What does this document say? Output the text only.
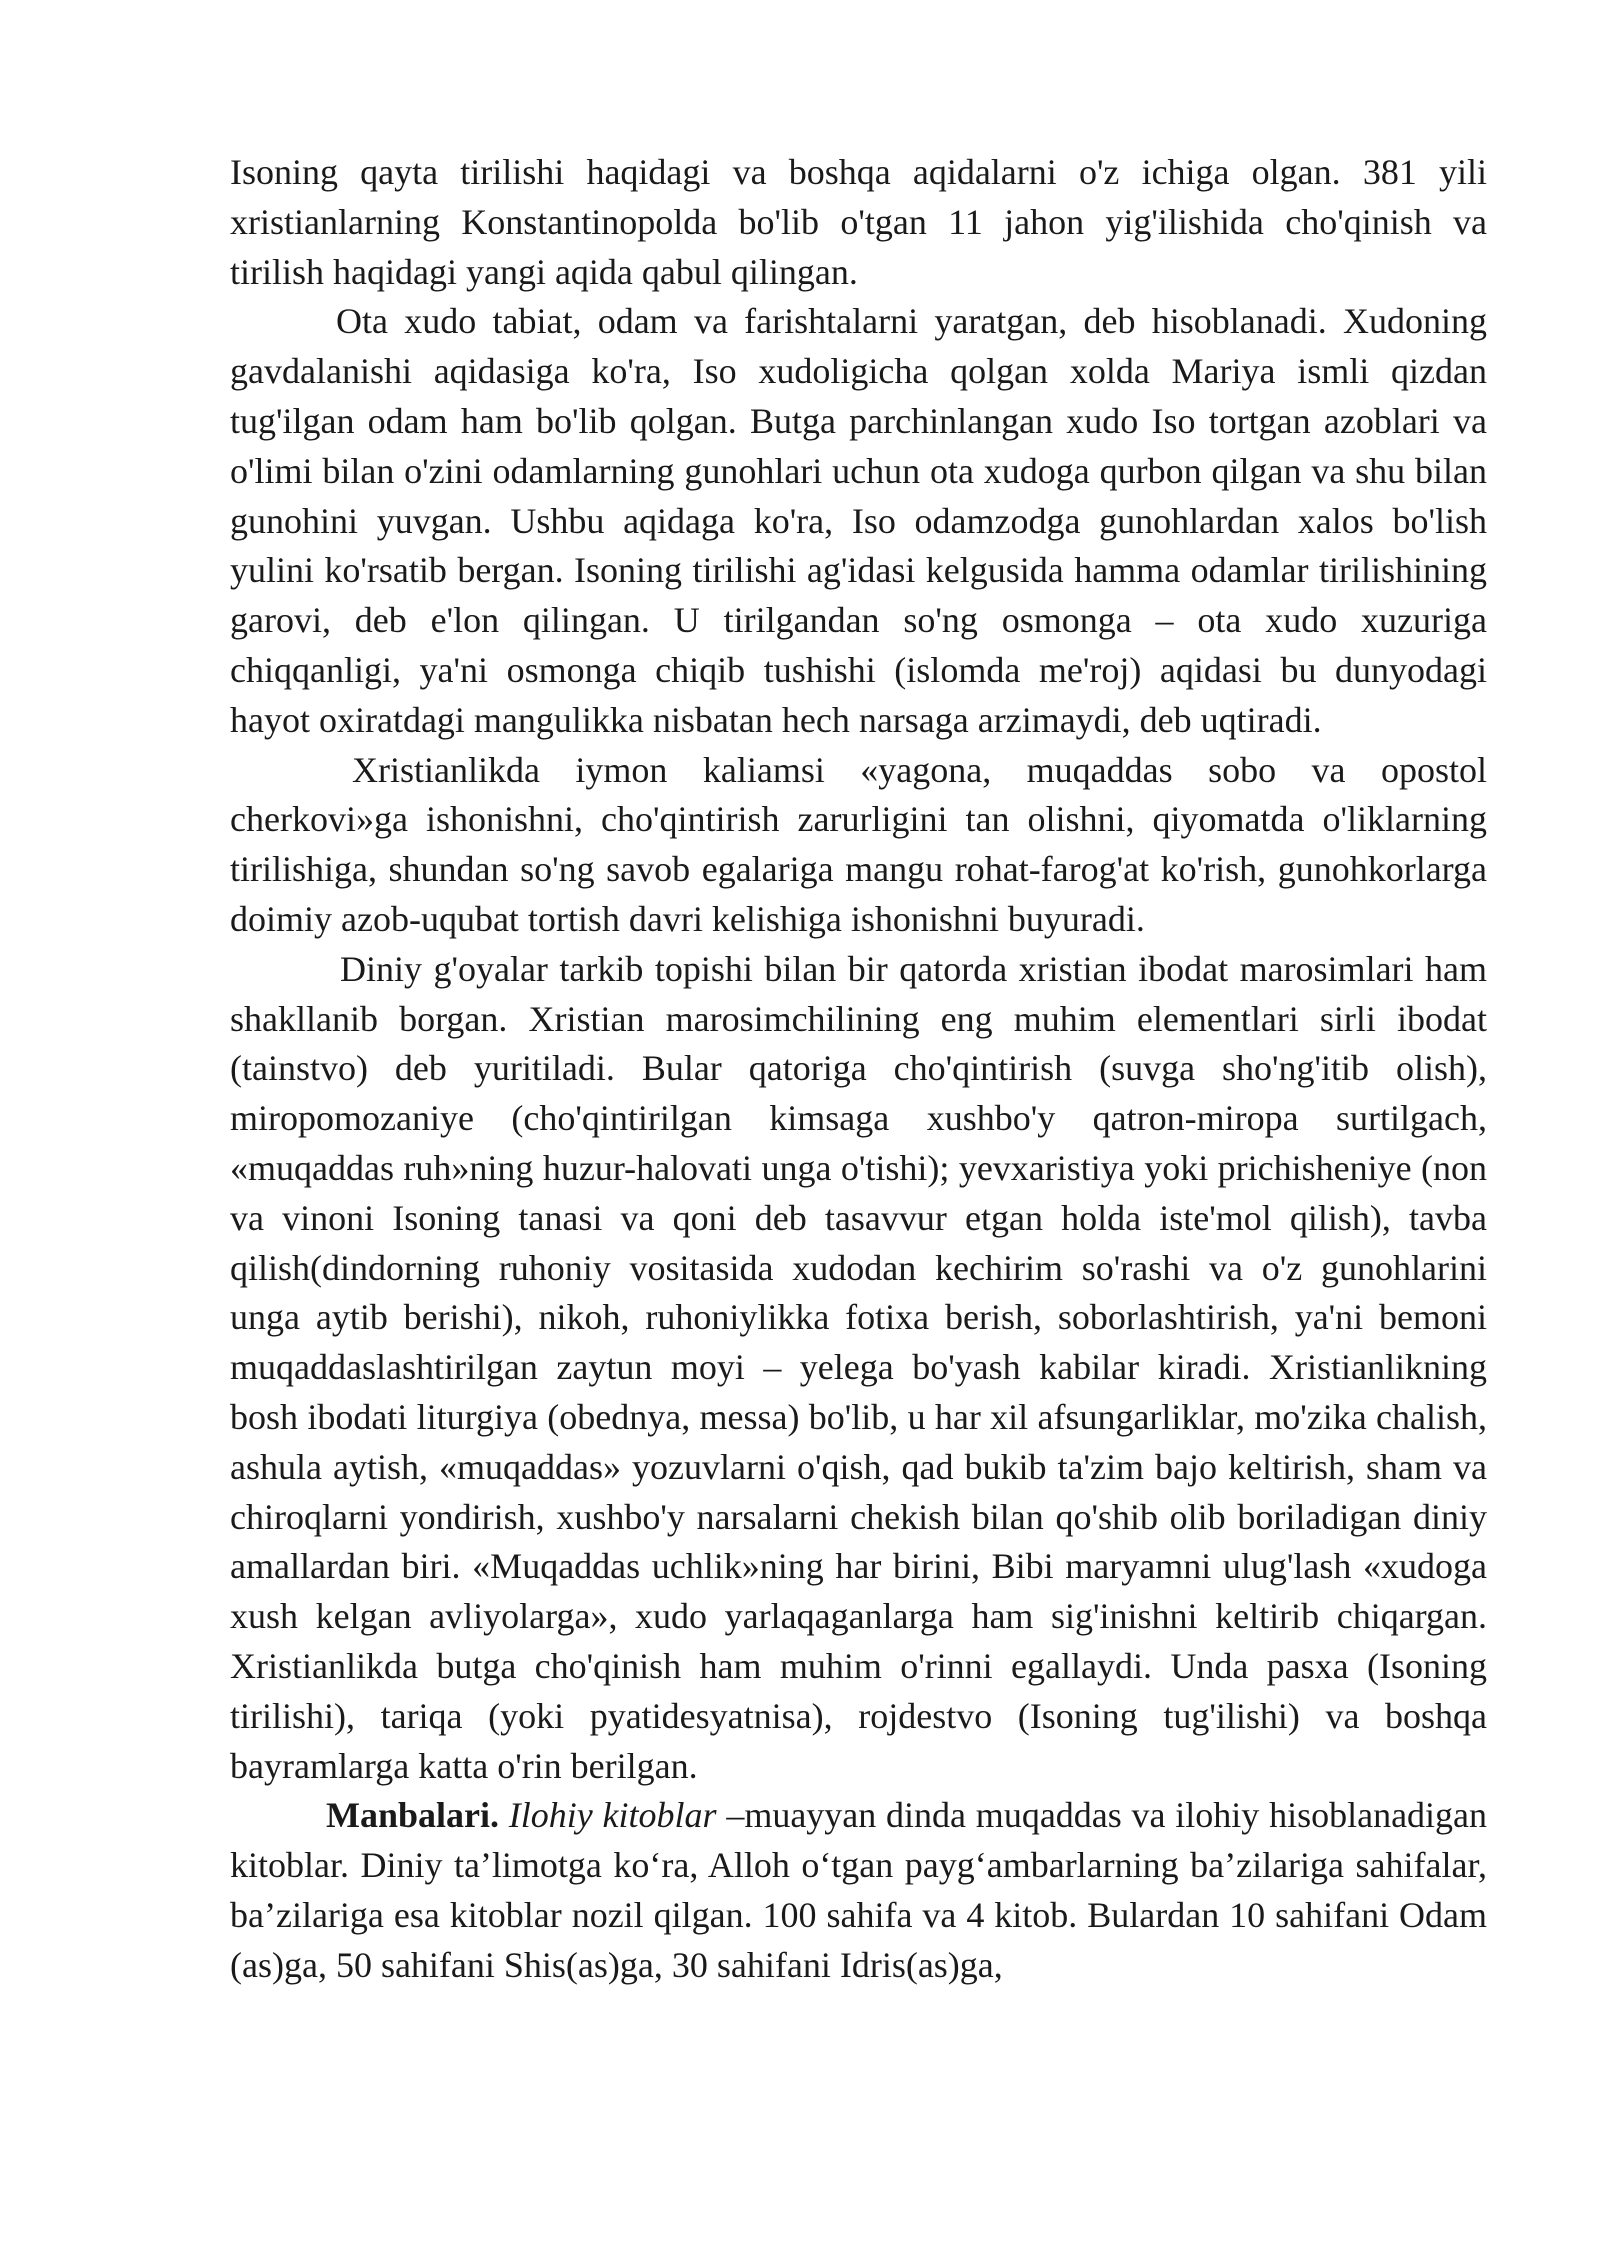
Isoning qayta tirilishi haqidagi va boshqa aqidalarni o'z ichiga olgan. 381 yili xristianlarning Konstantinopolda bo'lib o'tgan 11 jahon yig'ilishida cho'qinish va tirilish haqidagi yangi aqida qabul qilingan.

Ota xudo tabiat, odam va farishtalarni yaratgan, deb hisoblanadi. Xudoning gavdalanishi aqidasiga ko'ra, Iso xudoligicha qolgan xolda Mariya ismli qizdan tug'ilgan odam ham bo'lib qolgan. Butga parchinlangan xudo Iso tortgan azoblari va o'limi bilan o'zini odamlarning gunohlari uchun ota xudoga qurbon qilgan va shu bilan gunohini yuvgan. Ushbu aqidaga ko'ra, Iso odamzodga gunohlardan xalos bo'lish yulini ko'rsatib bergan. Isoning tirilishi ag'idasi kelgusida hamma odamlar tirilishining garovi, deb e'lon qilingan. U tirilgandan so'ng osmonga – ota xudo xuzuriga chiqqanligi, ya'ni osmonga chiqib tushishi (islomda me'roj) aqidasi bu dunyodagi hayot oxiratdagi mangulikka nisbatan hech narsaga arzimaydi, deb uqtiradi.

Xristianlikda iymon kaliamsi «yagona, muqaddas sobo va opostol cherkovi»ga ishonishni, cho'qintirish zarurligini tan olishni, qiyomatda o'liklarning tirilishiga, shundan so'ng savob egalariga mangu rohat-farog'at ko'rish, gunohkorlarga doimiy azob-uqubat tortish davri kelishiga ishonishni buyuradi.

Diniy g'oyalar tarkib topishi bilan bir qatorda xristian ibodat marosimlari ham shakllanib borgan. Xristian marosimchilining eng muhim elementlari sirli ibodat (tainstvo) deb yuritiladi. Bular qatoriga cho'qintirish (suvga sho'ng'itib olish), miropomozaniye (cho'qintirilgan kimsaga xushbo'y qatron-miropa surtilgach, «muqaddas ruh»ning huzur-halovati unga o'tishi); yevxaristiya yoki prichisheniye (non va vinoni Isoning tanasi va qoni deb tasavvur etgan holda iste'mol qilish), tavba qilish(dindorning ruhoniy vositasida xudodan kechirim so'rashi va o'z gunohlarini unga aytib berishi), nikoh, ruhoniylikka fotixa berish, soborlashtirish, ya'ni bemoni muqaddaslashtirilgan zaytun moyi – yelega bo'yash kabilar kiradi. Xristianlikning bosh ibodati liturgiya (obednya, messa) bo'lib, u har xil afsungarliklar, mo'zika chalish, ashula aytish, «muqaddas» yozuvlarni o'qish, qad bukib ta'zim bajo keltirish, sham va chiroqlarni yondirish, xushbo'y narsalarni chekish bilan qo'shib olib boriladigan diniy amallardan biri. «Muqaddas uchlik»ning har birini, Bibi maryamni ulug'lash «xudoga xush kelgan avliyolarga», xudo yarlaqaganlarga ham sig'inishni keltirib chiqargan. Xristianlikda butga cho'qinish ham muhim o'rinni egallaydi. Unda pasxa (Isoning tirilishi), tariqa (yoki pyatidesyatnisa), rojdestvo (Isoning tug'ilishi) va boshqa bayramlarga katta o'rin berilgan.

Manbalari. Ilohiy kitoblar –muayyan dinda muqaddas va ilohiy hisoblanadigan kitoblar. Diniy ta’limotga ko‘ra, Alloh o‘tgan payg‘ambarlarning ba’zilariga sahifalar, ba’zilariga esa kitoblar nozil qilgan. 100 sahifa va 4 kitob. Bulardan 10 sahifani Odam (as)ga, 50 sahifani Shis(as)ga, 30 sahifani Idris(as)ga,
